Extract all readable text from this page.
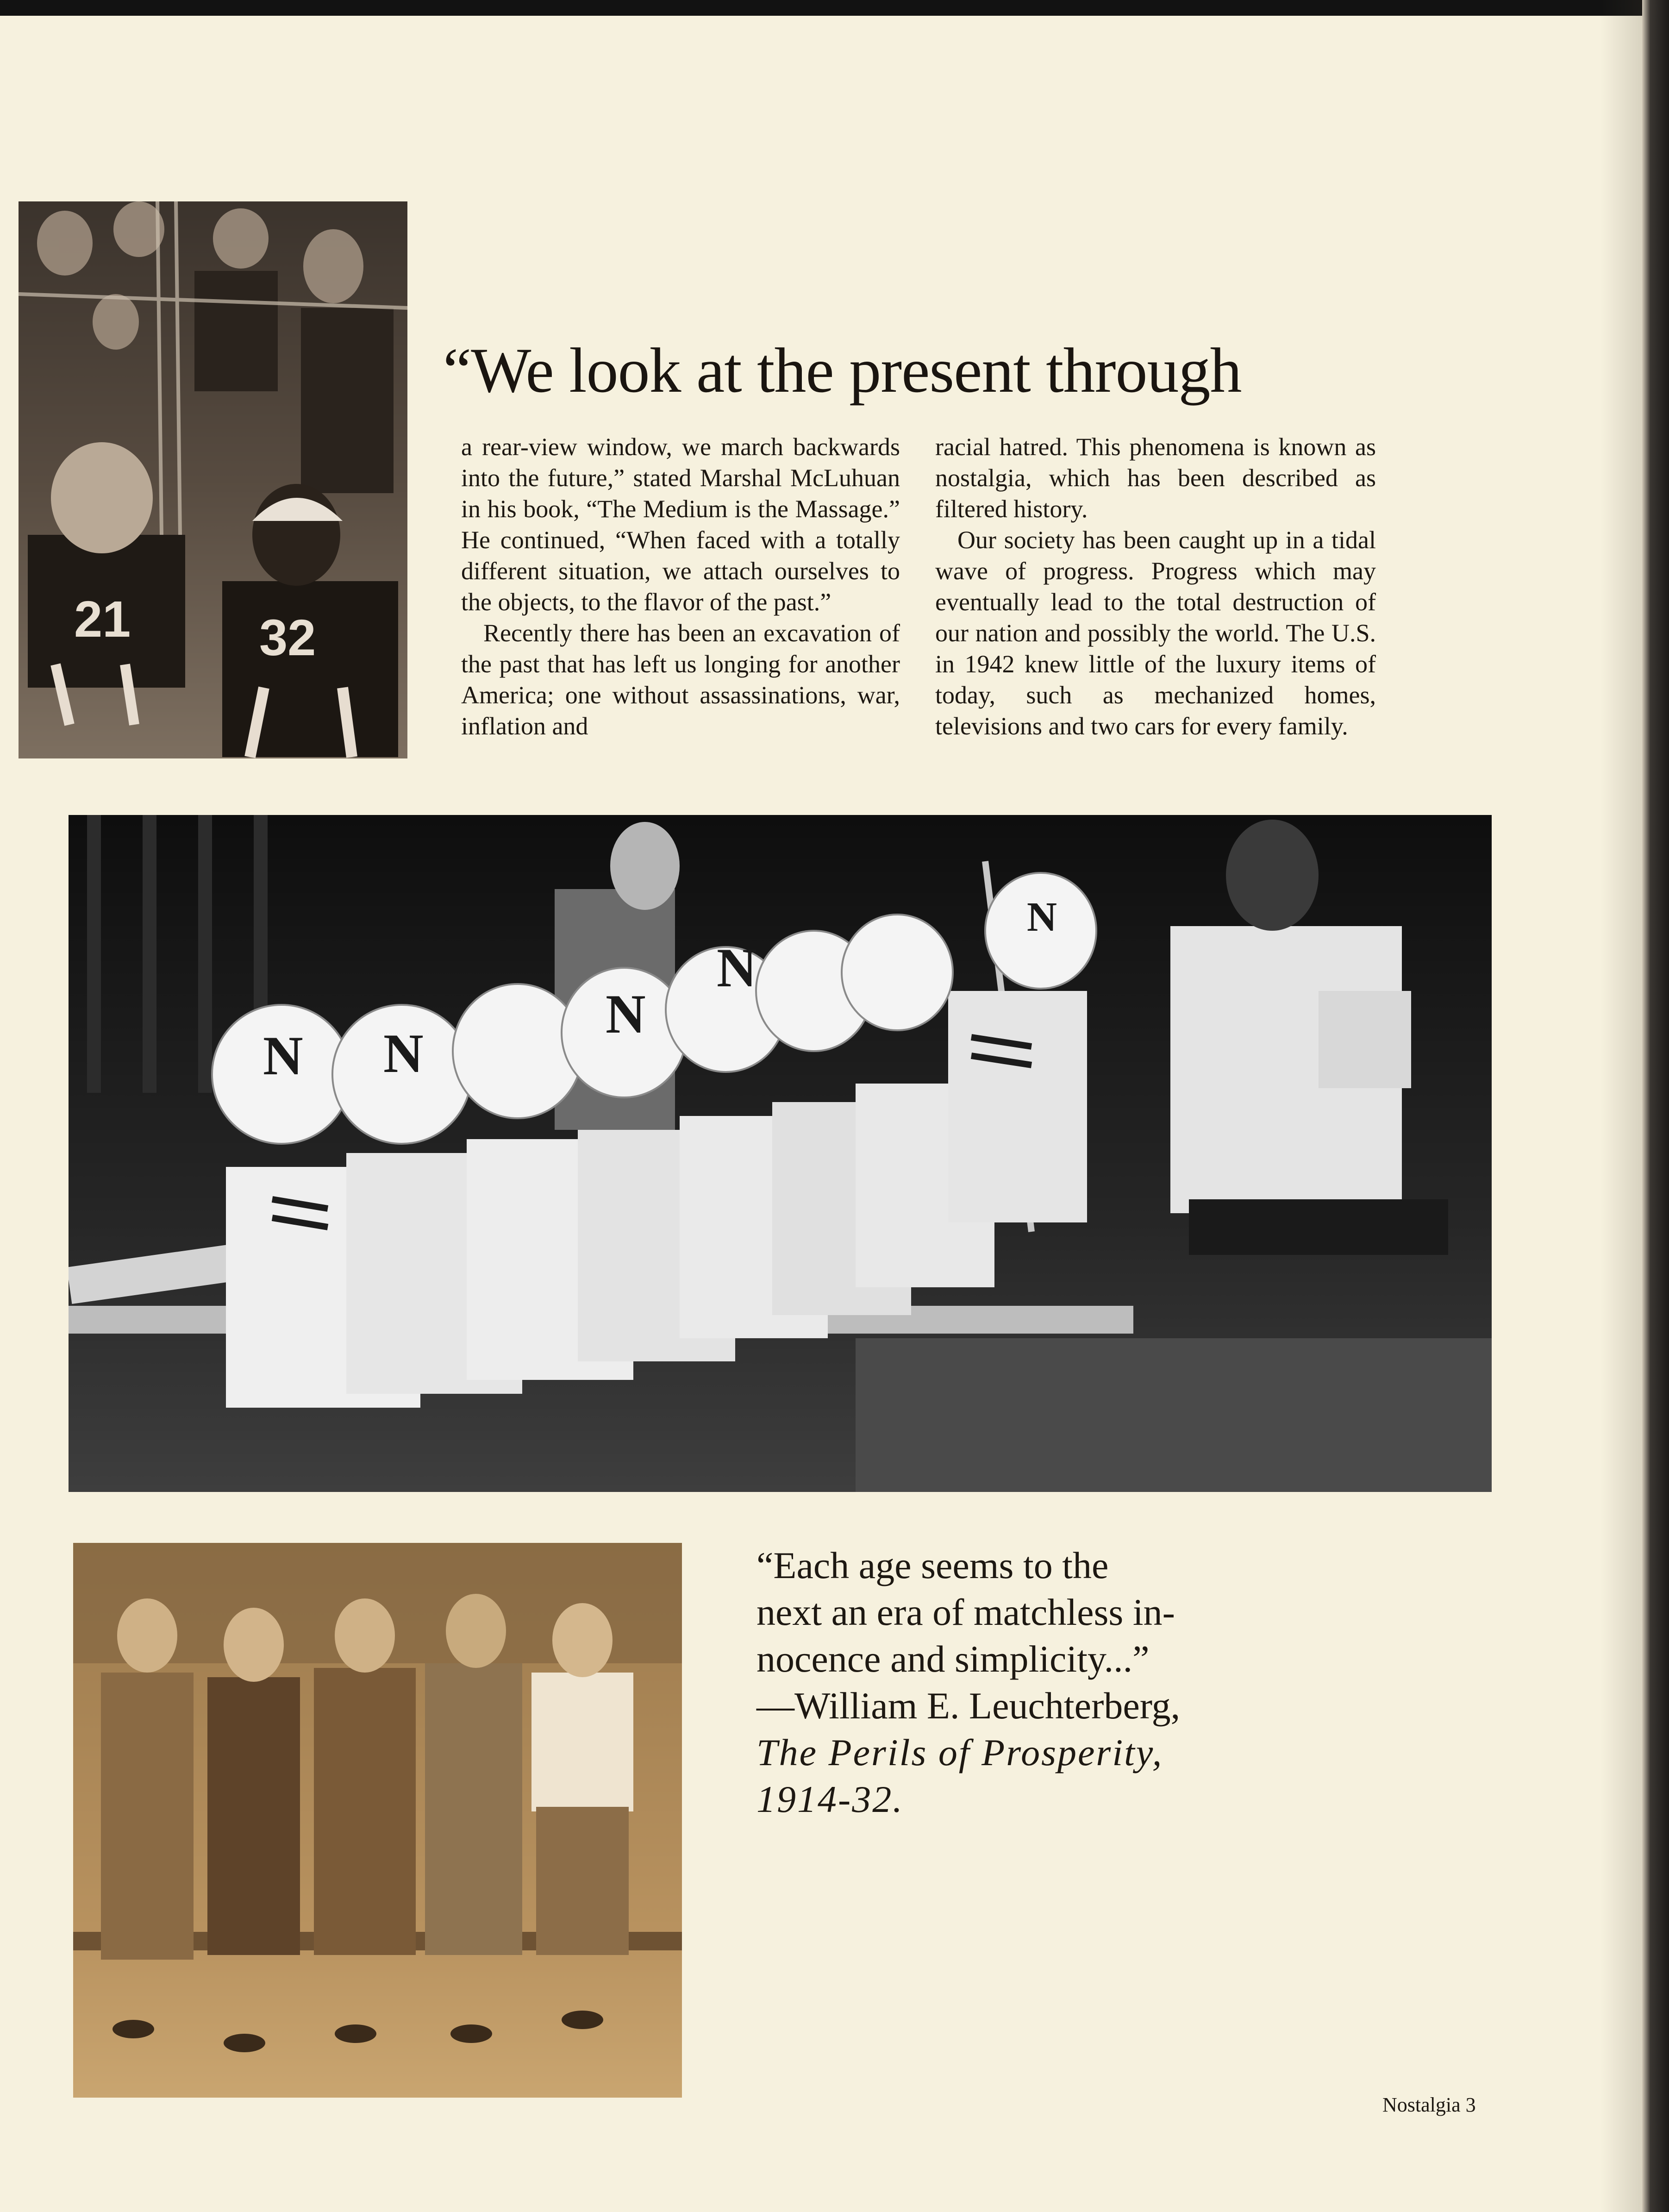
21	32
“We look at the present through

a rear-view window, we march backwards into the future,” stated Marshal McLuhuan in his book, “The Medium is the Massage.” He continued, “When faced with a totally different situation, we attach ourselves to the objects, to the flavor of the past.”

Recently there has been an excavation of the past that has left us longing for another America; one without assassinations, war, inflation and

racial hatred. This phenomena is known as nostalgia, which has been described as filtered history.

Our society has been caught up in a tidal wave of progress. Progress which may eventually lead to the total destruction of our nation and possibly the world. The U.S. in 1942 knew little of the luxury items of today, such as mechanized homes, televisions and two cars for every family.

N N
N
N
N
“Each age seems to the
next an era of matchless in-
nocence and simplicity...”
—William E. Leuchterberg,
The Perils of Prosperity,
1914-32.
Nostalgia 3
